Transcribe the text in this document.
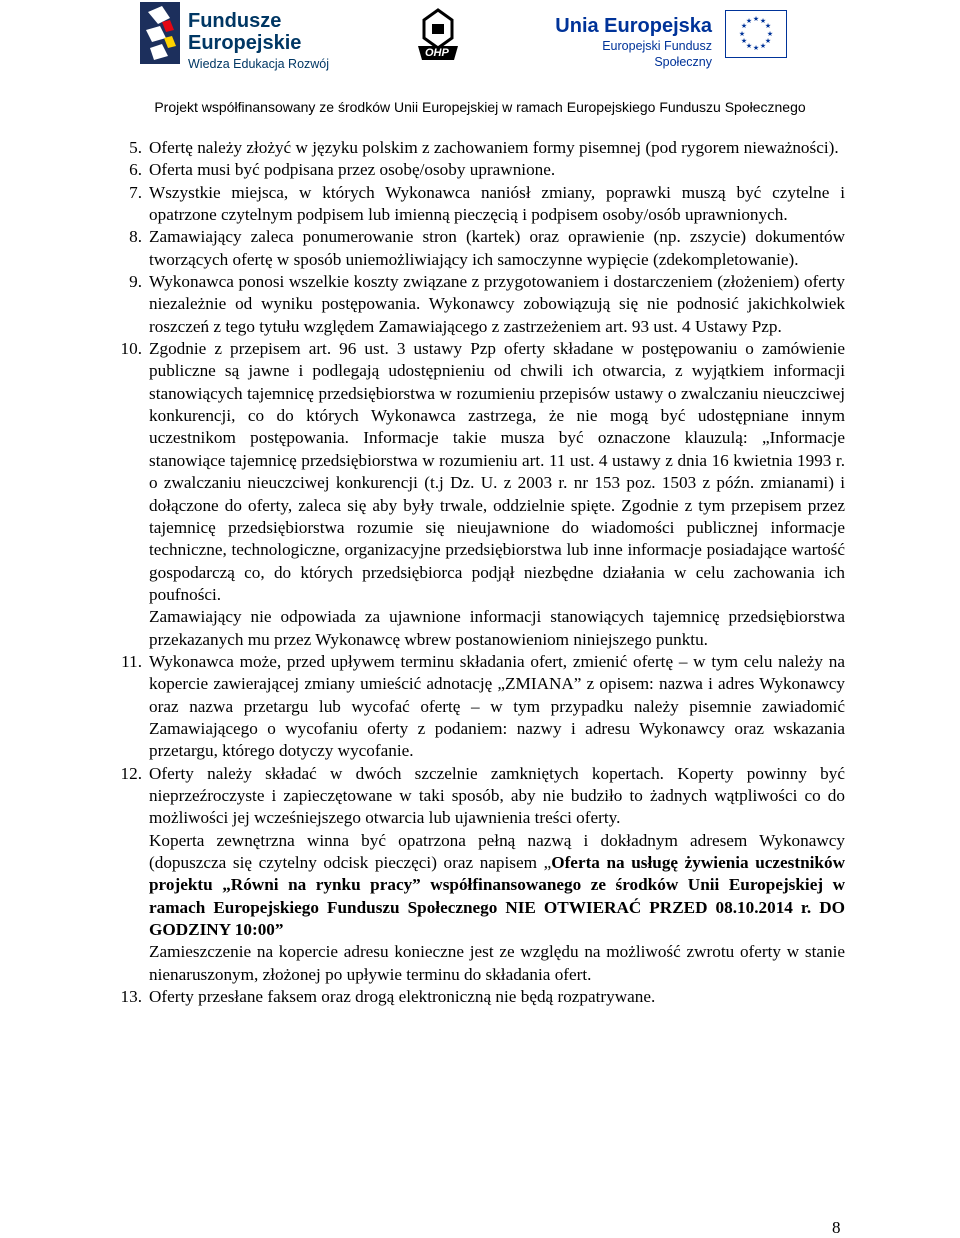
Fundusze
Europejskie
Wiedza Edukacja Rozwój
OHP
Unia Europejska
Europejski Fundusz Społeczny
★ ★
★
★
★
★
★
★
★
★
★
★
Projekt współfinansowany ze środków Unii Europejskiej w ramach Europejskiego Funduszu Społecznego
5. Ofertę należy złożyć w języku polskim z zachowaniem formy pisemnej (pod rygorem nieważności).

6. Oferta musi być podpisana przez osobę/osoby uprawnione.

7. Wszystkie miejsca, w których Wykonawca naniósł zmiany, poprawki muszą być czytelne i opatrzone czytelnym podpisem lub imienną pieczęcią i podpisem osoby/osób uprawnionych.

8. Zamawiający zaleca ponumerowanie stron (kartek) oraz oprawienie (np. zszycie) dokumentów tworzących ofertę w sposób uniemożliwiający ich samoczynne wypięcie (zdekompletowanie).

9. Wykonawca ponosi wszelkie koszty związane z przygotowaniem i dostarczeniem (złożeniem) oferty niezależnie od wyniku postępowania. Wykonawcy zobowiązują się nie podnosić jakichkolwiek roszczeń z tego tytułu względem Zamawiającego z zastrzeżeniem art. 93 ust. 4 Ustawy Pzp.

10. Zgodnie z przepisem art. 96 ust. 3 ustawy Pzp oferty składane w postępowaniu o zamówienie publiczne są jawne i podlegają udostępnieniu od chwili ich otwarcia, z wyjątkiem informacji stanowiących tajemnicę przedsiębiorstwa w rozumieniu przepisów ustawy o zwalczaniu nieuczciwej konkurencji, co do których Wykonawca zastrzega, że nie mogą być udostępniane innym uczestnikom postępowania. Informacje takie musza być oznaczone klauzulą: „Informacje stanowiące tajemnicę przedsiębiorstwa w rozumieniu art. 11 ust. 4 ustawy z dnia 16 kwietnia 1993 r. o zwalczaniu nieuczciwej konkurencji (t.j Dz. U. z 2003 r. nr 153 poz. 1503 z późn. zmianami) i dołączone do oferty, zaleca się aby były trwale, oddzielnie spięte. Zgodnie z tym przepisem przez tajemnicę przedsiębiorstwa rozumie się nieujawnione do wiadomości publicznej informacje techniczne, technologiczne, organizacyjne przedsiębiorstwa lub inne informacje posiadające wartość gospodarczą co, do których przedsiębiorca podjął niezbędne działania w celu zachowania ich poufności.

Zamawiający nie odpowiada za ujawnione informacji stanowiących tajemnicę przedsiębiorstwa przekazanych mu przez Wykonawcę wbrew postanowieniom niniejszego punktu.

11. Wykonawca może, przed upływem terminu składania ofert, zmienić ofertę – w tym celu należy na kopercie zawierającej zmiany umieścić adnotację „ZMIANA” z opisem: nazwa i adres Wykonawcy oraz nazwa przetargu lub wycofać ofertę – w tym przypadku należy pisemnie zawiadomić Zamawiającego o wycofaniu oferty z podaniem: nazwy i adresu Wykonawcy oraz wskazania przetargu, którego dotyczy wycofanie.

12. Oferty należy składać w dwóch szczelnie zamkniętych kopertach. Koperty powinny być nieprzeźroczyste i zapieczętowane w taki sposób, aby nie budziło to żadnych wątpliwości co do możliwości jej wcześniejszego otwarcia lub ujawnienia treści oferty.

Koperta zewnętrzna winna być opatrzona pełną nazwą i dokładnym adresem Wykonawcy (dopuszcza się czytelny odcisk pieczęci) oraz napisem „Oferta na usługę żywienia uczestników projektu „Równi na rynku pracy” współfinansowanego ze środków Unii Europejskiej w ramach Europejskiego Funduszu Społecznego NIE OTWIERAĆ PRZED 08.10.2014 r. DO GODZINY 10:00”

Zamieszczenie na kopercie adresu konieczne jest ze względu na możliwość zwrotu oferty w stanie nienaruszonym, złożonej po upływie terminu do składania ofert.

13. Oferty przesłane faksem oraz drogą elektroniczną nie będą rozpatrywane.

8
